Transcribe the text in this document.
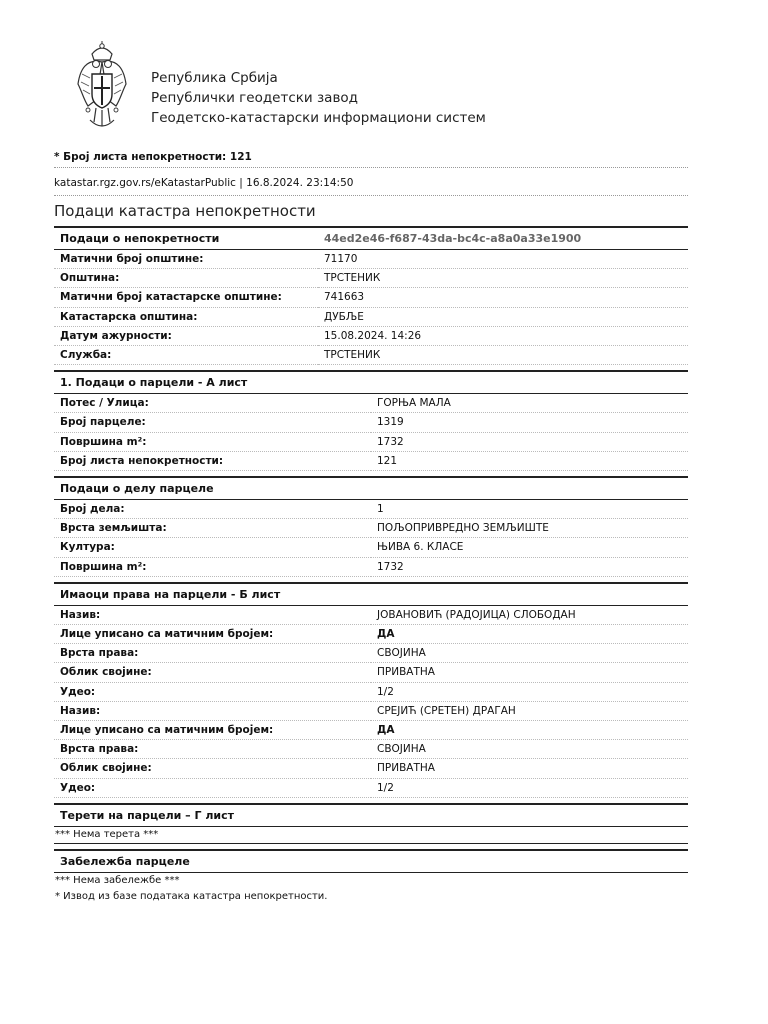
Република Србија
Републички геодетски завод
Геодетско-катастарски информациони систем
* Број листа непокретности: 121
katastar.rgz.gov.rs/eKatastarPublic | 16.8.2024. 23:14:50
Подаци катастра непокретности
Подаци о непокретности	44ed2e46-f687-43da-bc4c-a8a0a33e1900
Матични број општине:	71170
Општина:	ТРСТЕНИК
Матични број катастарске општине:	741663
Катастарска општина:	ДУБЉЕ
Датум ажурности:	15.08.2024. 14:26
Служба:	ТРСТЕНИК
1. Подаци о парцели - А лист	
Потес / Улица:	ГОРЊА МАЛА
Број парцеле:	1319
Површина m²:	1732
Број листа непокретности:	121
Подаци о делу парцеле	
Број дела:	1
Врста земљишта:	ПОЉОПРИВРЕДНО ЗЕМЉИШТЕ
Култура:	ЊИВА 6. КЛАСЕ
Површина m²:	1732
Имаоци права на парцели - Б лист	
Назив:	ЈОВАНОВИЋ (РАДОЈИЦА) СЛОБОДАН
Лице уписано са матичним бројем:	ДА
Врста права:	СВОЈИНА
Облик својине:	ПРИВАТНА
Удео:	1/2
Назив:	СРЕЈИЋ (СРЕТЕН) ДРАГАН
Лице уписано са матичним бројем:	ДА
Врста права:	СВОЈИНА
Облик својине:	ПРИВАТНА
Удео:	1/2
Терети на парцели – Г лист
*** Нема терета ***
Забележба парцеле
*** Нема забележбе ***
* Извод из базе података катастра непокретности.
